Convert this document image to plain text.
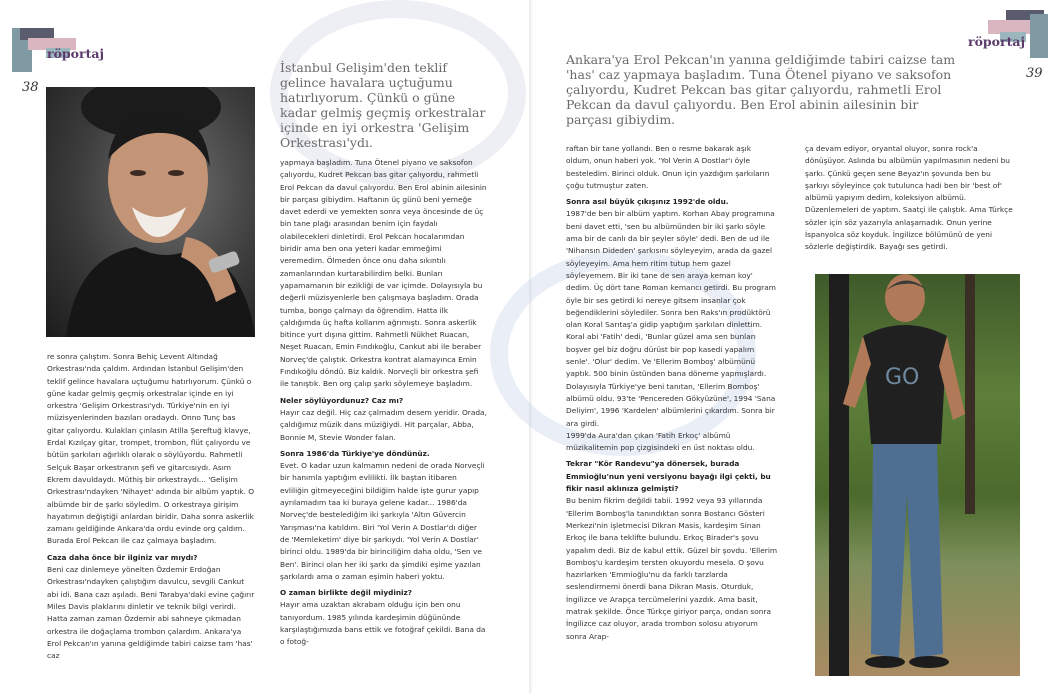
röportaj
38
İstanbul Gelişim'den teklif gelince havalara uçtuğumu hatırlıyorum. Çünkü o güne kadar gelmiş geçmiş orkestralar içinde en iyi orkestra 'Gelişim Orkestrası'ydı.

re sonra çalıştım. Sonra Behiç Levent Altındağ Orkestrası'nda çaldım. Ardından İstanbul Gelişim'den teklif gelince havalara uçtuğumu hatırlıyorum. Çünkü o güne kadar gelmiş geçmiş orkestralar içinde en iyi orkestra 'Gelişim Orkestrası'ydı. Türkiye'nin en iyi müzisyenlerinden bazıları oradaydı. Onno Tunç bas gitar çalıyordu. Kulakları çınlasın Atilla Şereftuğ klavye, Erdal Kızılçay gitar, trompet, trombon, flüt çalıyordu ve bütün şarkıları ağırlıklı olarak o söylüyordu. Rahmetli Selçuk Başar orkestranın şefi ve gitarcısıydı. Asım Ekrem davuldaydı. Müthiş bir orkestraydı... 'Gelişim Orkestrası'ndayken 'Nihayet' adında bir albüm yaptık. O albümde bir de şarkı söyledim. O orkestraya girişim hayatımın değiştiği anlardan biridir. Daha sonra askerlik zamanı geldiğinde Ankara'da ordu evinde org çaldım. Burada Erol Pekcan ile caz çalmaya başladım.

Caza daha önce bir ilginiz var mıydı?

Beni caz dinlemeye yönelten Özdemir Erdoğan Orkestrası'ndayken çalıştığım davulcu, sevgili Cankut abi idi. Bana cazı aşıladı. Beni Tarabya'daki evine çağırır Miles Davis plaklarını dinletir ve teknik bilgi verirdi. Hatta zaman zaman Özdemir abi sahneye çıkmadan orkestra ile doğaçlama trombon çalardım. Ankara'ya Erol Pekcan'ın yanına geldiğimde tabiri caizse tam 'has' caz

yapmaya başladım. Tuna Ötenel piyano ve saksofon çalıyordu, Kudret Pekcan bas gitar çalıyordu, rahmetli Erol Pekcan da davul çalıyordu. Ben Erol abinin ailesinin bir parçası gibiydim. Haftanın üç günü beni yemeğe davet ederdi ve yemekten sonra veya öncesinde de üç bin tane plağı arasından benim için faydalı olabilecekleri dinletirdi. Erol Pekcan hocalarımdan biridir ama ben ona yeteri kadar emmeğimi veremedim. Ölmeden önce onu daha sıkıntılı zamanlarından kurtarabilirdim belki. Bunları yapamamanın bir ezikliği de var içimde. Dolayısıyla bu değerli müzisyenlerle ben çalışmaya başladım. Orada tumba, bongo çalmayı da öğrendim. Hatta ilk çaldığımda üç hafta kollarım ağrımıştı. Sonra askerlik bitince yurt dışına gittim. Rahmetli Nükhet Ruacan, Neşet Ruacan, Emin Fındıkoğlu, Cankut abi ile beraber Norveç'de çalıştık. Orkestra kontrat alamayınca Emin Fındıkoğlu döndü. Biz kaldık. Norveçli bir orkestra şefi ile tanıştık. Ben org çalıp şarkı söylemeye başladım.

Neler söylüyordunuz? Caz mı?

Hayır caz değil. Hiç caz çalmadım desem yeridir. Orada, çaldığımız müzik dans müziğiydi. Hit parçalar, Abba, Bonnie M, Stevie Wonder falan.

Sonra 1986'da Türkiye'ye döndünüz.

Evet. O kadar uzun kalmamın nedeni de orada Norveçli bir hanımla yaptığım evlilikti. İlk baştan itibaren evliliğin gitmeyeceğini bildiğim halde işte gurur yapıp ayrılamadım taa ki buraya gelene kadar... 1986'da Norveç'de bestelediğim iki şarkıyla 'Altın Güvercin Yarışması'na katıldım. Biri 'Yol Verin A Dostlar'dı diğer de 'Memleketim' diye bir şarkıydı. 'Yol Verin A Dostlar' birinci oldu. 1989'da bir birinciliğim daha oldu, 'Sen ve Ben'. Birinci olan her iki şarkı da şimdiki eşime yazılan şarkılardı ama o zaman eşimin haberi yoktu.

O zaman birlikte değil miydiniz?

Hayır ama uzaktan akrabam olduğu için ben onu tanıyordum. 1985 yılında kardeşimin düğününde karşılaştığımızda bans ettik ve fotoğraf çekildi. Bana da o fotoğ-

röportaj
39
Ankara'ya Erol Pekcan'ın yanına geldiğimde tabiri caizse tam 'has' caz yapmaya başladım. Tuna Ötenel piyano ve saksofon çalıyordu, Kudret Pekcan bas gitar çalıyordu, rahmetli Erol Pekcan da davul çalıyordu. Ben Erol abinin ailesinin bir parçası gibiydim.

raftan bir tane yollandı. Ben o resme bakarak aşık oldum, onun haberi yok. 'Yol Verin A Dostlar'ı öyle besteledim. Birinci olduk. Onun için yazdığım şarkıların çoğu tutmuştur zaten.

Sonra asıl büyük çıkışınız 1992'de oldu.

1987'de ben bir albüm yaptım. Korhan Abay programına beni davet etti, 'sen bu albümünden bir iki şarkı söyle ama bir de canlı da bir şeyler söyle' dedi. Ben de ud ile 'Nihansın Dideden' şarkısını söyleyeyim, arada da gazel söyleyeyim. Ama hem ritim tutup hem gazel söyleyemem. Bir iki tane de sen araya keman koy' dedim. Üç dört tane Roman kemancı getirdi. Bu program öyle bir ses getirdi ki nereye gitsem insanlar çok beğendiklerini söylediler. Sonra ben Raks'ın prodüktörü olan Koral Sarıtaş'a gidip yaptığım şarkıları dinlettim. Koral abi 'Fatih' dedi, 'Bunlar güzel ama sen bunları boşver gel biz doğru dürüst bir pop kasedi yapalım senle'. 'Olur' dedim. Ve 'Ellerim Bomboş' albümünü yaptık. 500 binin üstünden bana döneme yapmışlardı. Dolayısıyla Türkiye'ye beni tanıtan, 'Ellerim Bomboş' albümü oldu. 93'te 'Pencereden Gökyüzüne', 1994 'Sana Deliyim', 1996 'Kardelen' albümlerini çıkardım. Sonra bir ara girdi.

1999'da Aura'dan çıkan 'Fatih Erkoç' albümü müzikalitemin pop çizgisindeki en üst noktası oldu.

Tekrar "Kör Randevu"ya dönersek, burada Emmioğlu'nun yeni versiyonu bayağı ilgi çekti, bu fikir nasıl aklınıza gelmişti?

Bu benim fikrim değildi tabii. 1992 veya 93 yıllarında 'Ellerim Bomboş'la tanındıktan sonra Bostancı Gösteri Merkezi'nin işletmecisi Dikran Masis, kardeşim Sinan Erkoç ile bana teklifte bulundu. Erkoç Birader's şovu yapalım dedi. Biz de kabul ettik. Güzel bir şovdu. 'Ellerim Bomboş'u kardeşim tersten okuyordu mesela. O şovu hazırlarken 'Emmioğlu'nu da farklı tarzlarda seslendirmemi önerdi bana Dikran Masis. Oturduk, İngilizce ve Arapça tercümelerini yazdık. Ama basit, matrak şekilde. Önce Türkçe giriyor parça, ondan sonra İngilizce caz oluyor, arada trombon solosu atıyorum sonra Arap-

ça devam ediyor, oryantal oluyor, sonra rock'a dönüşüyor. Aslında bu albümün yapılmasının nedeni bu şarkı. Çünkü geçen sene Beyaz'ın şovunda ben bu şarkıyı söyleyince çok tutulunca hadi ben bir 'best of' albümü yapıyım dedim, koleksiyon albümü. Düzenlemeleri de yaptım. Saatçi ile çalıştık. Ama Türkçe sözler için söz yazarıyla anlaşamadık. Onun yerine İspanyolca söz koyduk. İngilizce bölümünü de yeni sözlerle değiştirdik. Bayağı ses getirdi.

GO
